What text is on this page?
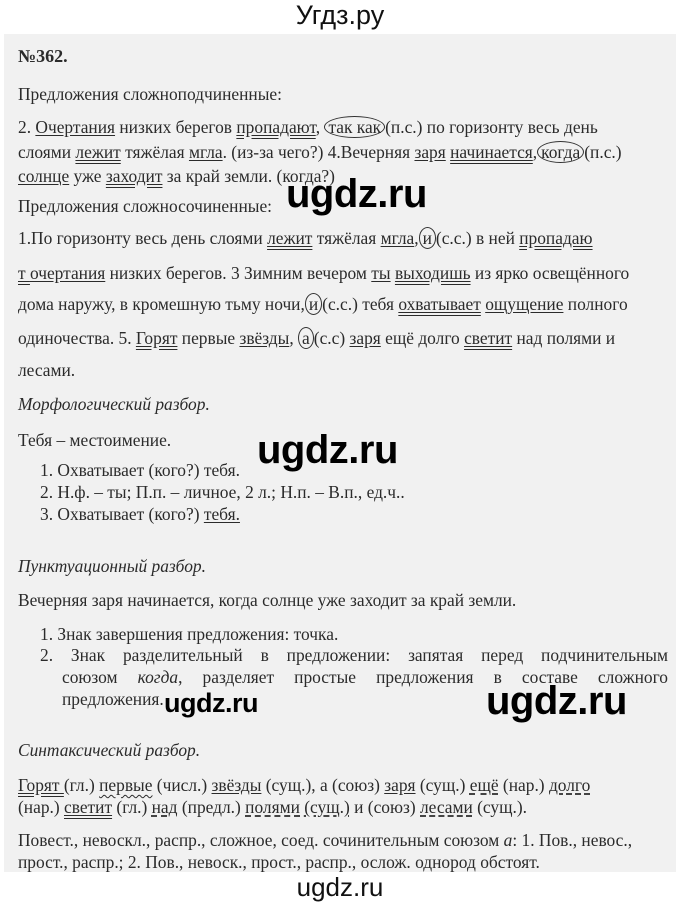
Угдз.ру
№362.
Предложения сложноподчиненные:
2. Очертания низких берегов пропадают, так как (п.с.) по горизонту весь день
слоями лежит тяжёлая мгла. (из-за чего?) 4.Вечерняя заря начинается, когда (п.с.)
солнце уже заходит за край земли. (когда?)
Предложения сложносочиненные:
1.По горизонту весь день слоями лежит тяжёлая мгла, и (с.с.) в ней пропадаю
т очертания низких берегов. 3 Зимним вечером ты выходишь из ярко освещённого
дома наружу, в кромешную тьму ночи, и (с.с.) тебя охватывает ощущение полного
одиночества. 5. Горят первые звёзды, а (с.с) заря ещё долго светит над полями и
лесами.
Морфологический разбор.
Тебя – местоимение.
1. Охватывает (кого?) тебя.
2. Н.ф. – ты; П.п. – личное, 2 л.; Н.п. – В.п., ед.ч..
3. Охватывает (кого?) тебя.
Пунктуационный разбор.
Вечерняя заря начинается, когда солнце уже заходит за край земли.
1. Знак завершения предложения: точка.
2. Знак разделительный в предложении: запятая перед подчинительным
союзом когда, разделяет простые предложения в составе сложного
предложения.
Синтаксический разбор.
Горят (гл.) первые (числ.) звёзды (сущ.), а (союз) заря (сущ.) ещё (нар.) долго
(нар.) светит (гл.) над (предл.) полями (сущ.) и (союз) лесами (сущ.).
Повест., невоскл., распр., сложное, соед. сочинительным союзом а: 1. Пов., невос.,
прост., распр.; 2. Пов., невоск., прост., распр., ослож. однород обстоят.
ugdz.ru
ugdz.ru
ugdz.ru	ugdz.ru
ugdz.ru
